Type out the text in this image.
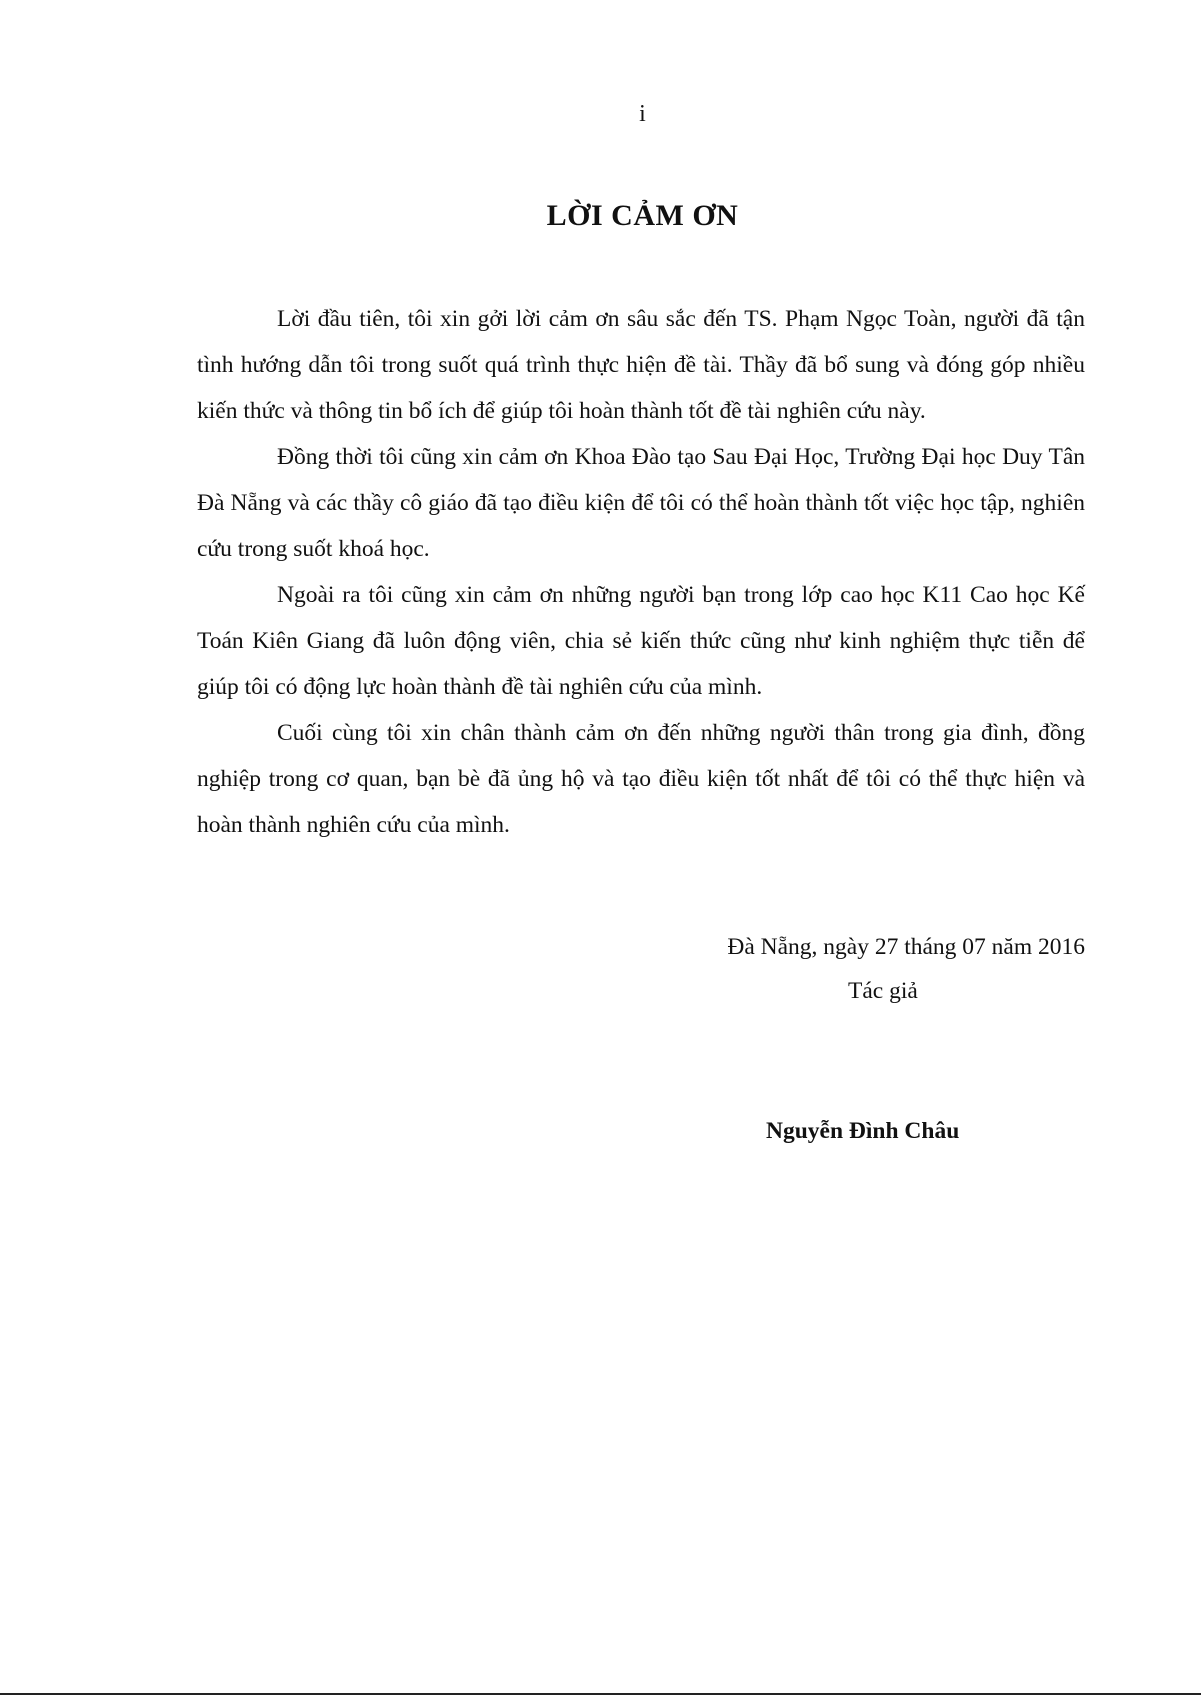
i
LỜI CẢM ƠN

Lời đầu tiên, tôi xin gởi lời cảm ơn sâu sắc đến TS. Phạm Ngọc Toàn, người đã tận tình hướng dẫn tôi trong suốt quá trình thực hiện đề tài. Thầy đã bổ sung và đóng góp nhiều kiến thức và thông tin bổ ích để giúp tôi hoàn thành tốt đề tài nghiên cứu này.

Đồng thời tôi cũng xin cảm ơn Khoa Đào tạo Sau Đại Học, Trường Đại học Duy Tân Đà Nẵng và các thầy cô giáo đã tạo điều kiện để tôi có thể hoàn thành tốt việc học tập, nghiên cứu trong suốt khoá học.

Ngoài ra tôi cũng xin cảm ơn những người bạn trong lớp cao học K11 Cao học Kế Toán Kiên Giang đã luôn động viên, chia sẻ kiến thức cũng như kinh nghiệm thực tiễn để giúp tôi có động lực hoàn thành đề tài nghiên cứu của mình.

Cuối cùng tôi xin chân thành cảm ơn đến những người thân trong gia đình, đồng nghiệp trong cơ quan, bạn bè đã ủng hộ và tạo điều kiện tốt nhất để tôi có thể thực hiện và hoàn thành nghiên cứu của mình.

Đà Nẵng, ngày 27 tháng 07 năm 2016
Tác giả
Nguyễn Đình Châu
